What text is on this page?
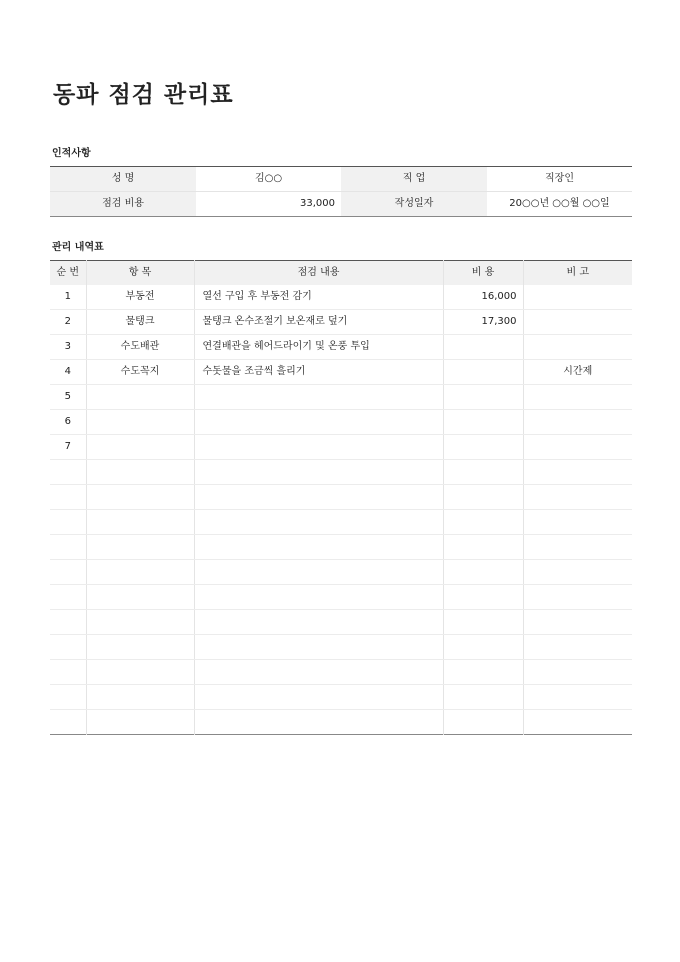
동파 점검 관리표
인적사항
성 명	김○○	직 업	직장인
점검 비용	33,000	작성일자	20○○년 ○○월 ○○일
관리 내역표
순 번	항 목	점검 내용	비 용	비 고
1	부동전	열선 구입 후 부동전 감기	16,000	
2	물탱크	물탱크 온수조절기 보온재로 덮기	17,300	
3	수도배관	연결배관을 헤어드라이기 및 온풍 투입		
4	수도꼭지	수돗물을 조금씩 흘리기		시간제
5				
6				
7				
